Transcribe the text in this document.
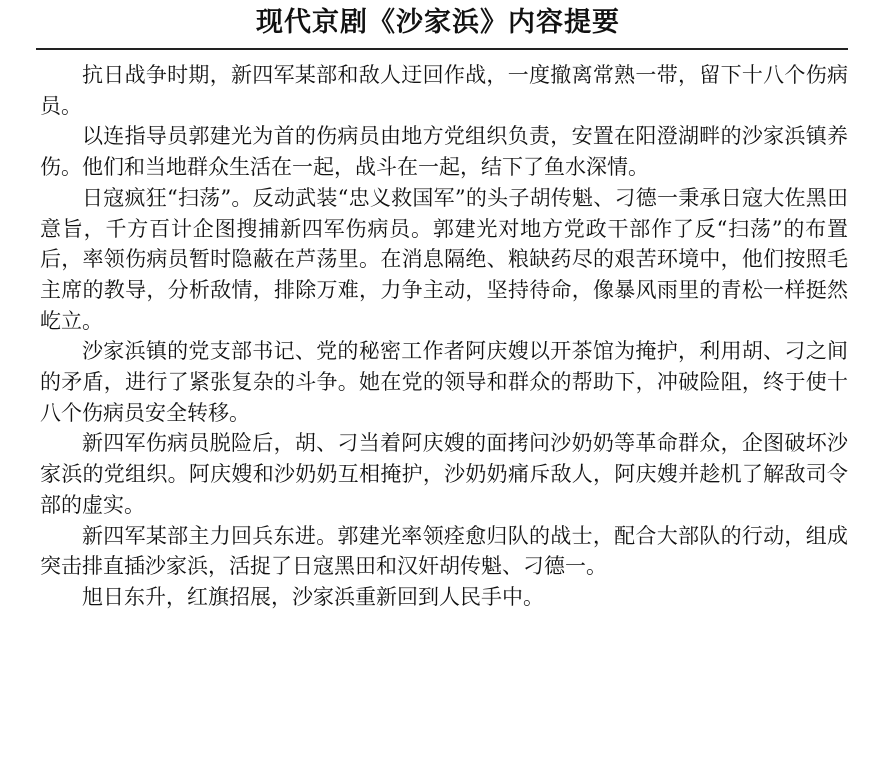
现代京剧《沙家浜》内容提要

抗日战争时期，新四军某部和敌人迂回作战，一度撤离常熟一带，留下十八个伤病员。

以连指导员郭建光为首的伤病员由地方党组织负责，安置在阳澄湖畔的沙家浜镇养伤。他们和当地群众生活在一起，战斗在一起，结下了鱼水深情。

日寇疯狂“扫荡”。反动武装“忠义救国军”的头子胡传魁、刁德一秉承日寇大佐黑田意旨，千方百计企图搜捕新四军伤病员。郭建光对地方党政干部作了反“扫荡”的布置后，率领伤病员暂时隐蔽在芦荡里。在消息隔绝、粮缺药尽的艰苦环境中，他们按照毛主席的教导，分析敌情，排除万难，力争主动，坚持待命，像暴风雨里的青松一样挺然屹立。

沙家浜镇的党支部书记、党的秘密工作者阿庆嫂以开茶馆为掩护，利用胡、刁之间的矛盾，进行了紧张复杂的斗争。她在党的领导和群众的帮助下，冲破险阻，终于使十八个伤病员安全转移。

新四军伤病员脱险后，胡、刁当着阿庆嫂的面拷问沙奶奶等革命群众，企图破坏沙家浜的党组织。阿庆嫂和沙奶奶互相掩护，沙奶奶痛斥敌人，阿庆嫂并趁机了解敌司令部的虚实。

新四军某部主力回兵东进。郭建光率领痊愈归队的战士，配合大部队的行动，组成突击排直插沙家浜，活捉了日寇黑田和汉奸胡传魁、刁德一。

旭日东升，红旗招展，沙家浜重新回到人民手中。
